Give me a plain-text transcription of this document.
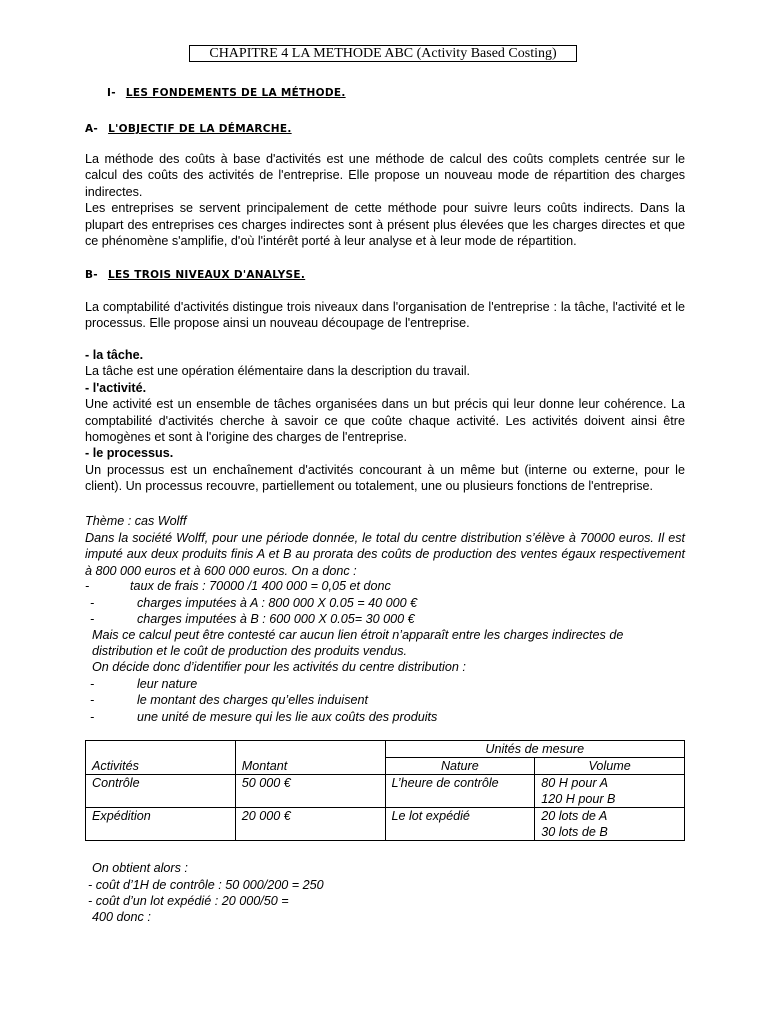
CHAPITRE 4 LA METHODE ABC (Activity Based Costing)
I- LES FONDEMENTS DE LA MÉTHODE.
A- L'OBJECTIF DE LA DÉMARCHE.

La méthode des coûts à base d'activités est une méthode de calcul des coûts complets centrée sur le calcul des coûts des activités de l'entreprise. Elle propose un nouveau mode de répartition des charges indirectes.

Les entreprises se servent principalement de cette méthode pour suivre leurs coûts indirects. Dans la plupart des entreprises ces charges indirectes sont à présent plus élevées que les charges directes et que ce phénomène s'amplifie, d'où l'intérêt porté à leur analyse et à leur mode de répartition.

B- LES TROIS NIVEAUX D'ANALYSE.

La comptabilité d'activités distingue trois niveaux dans l'organisation de l'entreprise : la tâche, l'activité et le processus. Elle propose ainsi un nouveau découpage de l'entreprise.

- la tâche.

La tâche est une opération élémentaire dans la description du travail.

- l'activité.

Une activité est un ensemble de tâches organisées dans un but précis qui leur donne leur cohérence. La comptabilité d'activités cherche à savoir ce que coûte chaque activité. Les activités doivent ainsi être homogènes et sont à l'origine des charges de l'entreprise.

- le processus.

Un processus est un enchaînement d'activités concourant à un même but (interne ou externe, pour le client). Un processus recouvre, partiellement ou totalement, une ou plusieurs fonctions de l'entreprise.

Thème : cas Wolff
Dans la société Wolff, pour une période donnée, le total du centre distribution s’élève à 70000 euros. Il est imputé aux deux produits finis A et B au prorata des coûts de production des ventes égaux respectivement à 800 000 euros et à 600 000 euros. On a donc :
-	taux de frais : 70000 /1 400 000 = 0,05 et donc
-	charges imputées à A : 800 000 X 0.05 = 40 000 €
-	charges imputées à B : 600 000 X 0.05= 30 000 €
Mais ce calcul peut être contesté car aucun lien étroit n’apparaît entre les charges indirectes de distribution et le coût de production des produits vendus.
On décide donc d’identifier pour les activités du centre distribution :
-	leur nature
-	le montant des charges qu’elles induisent
-	une unité de mesure qui les lie aux coûts des produits
Activités	Montant	Unités de mesure	
		Nature	Volume
Contrôle	50 000 €	L’heure de contrôle	80 H pour A
120 H pour B

Expédition	20 000 €	Le lot expédié	20 lots de A
30 lots de B
On obtient alors :
- coût d’1H de contrôle : 50 000/200 = 250
- coût d’un lot expédié : 20 000/50 =
400 donc :
